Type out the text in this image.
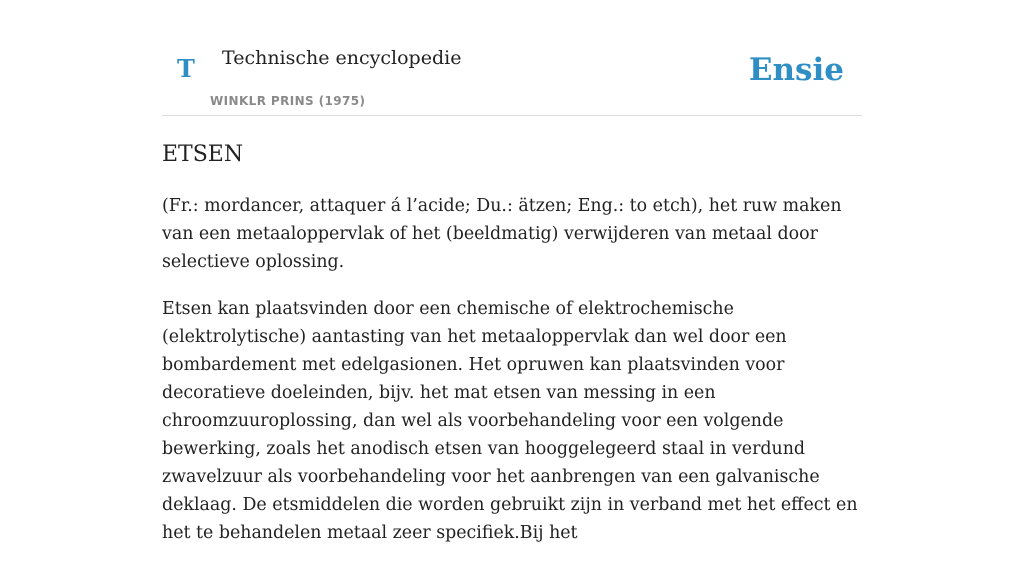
T Technische encyclopedie
WINKLR PRINS (1975)
Ensie
ETSEN

(Fr.: mordancer, attaquer á l’acide; Du.: ätzen; Eng.: to etch), het ruw maken van een metaaloppervlak of het (beeldmatig) verwijderen van metaal door selectieve oplossing.

Etsen kan plaatsvinden door een chemische of elektrochemische (elektrolytische) aantasting van het metaaloppervlak dan wel door een bombardement met edelgasionen. Het opruwen kan plaatsvinden voor decoratieve doeleinden, bijv. het mat etsen van messing in een chroomzuuroplossing, dan wel als voorbehandeling voor een volgende bewerking, zoals het anodisch etsen van hooggelegeerd staal in verdund zwavelzuur als voorbehandeling voor het aanbrengen van een galvanische deklaag. De etsmiddelen die worden gebruikt zijn in verband met het effect en het te behandelen metaal zeer specifiek.Bij het
